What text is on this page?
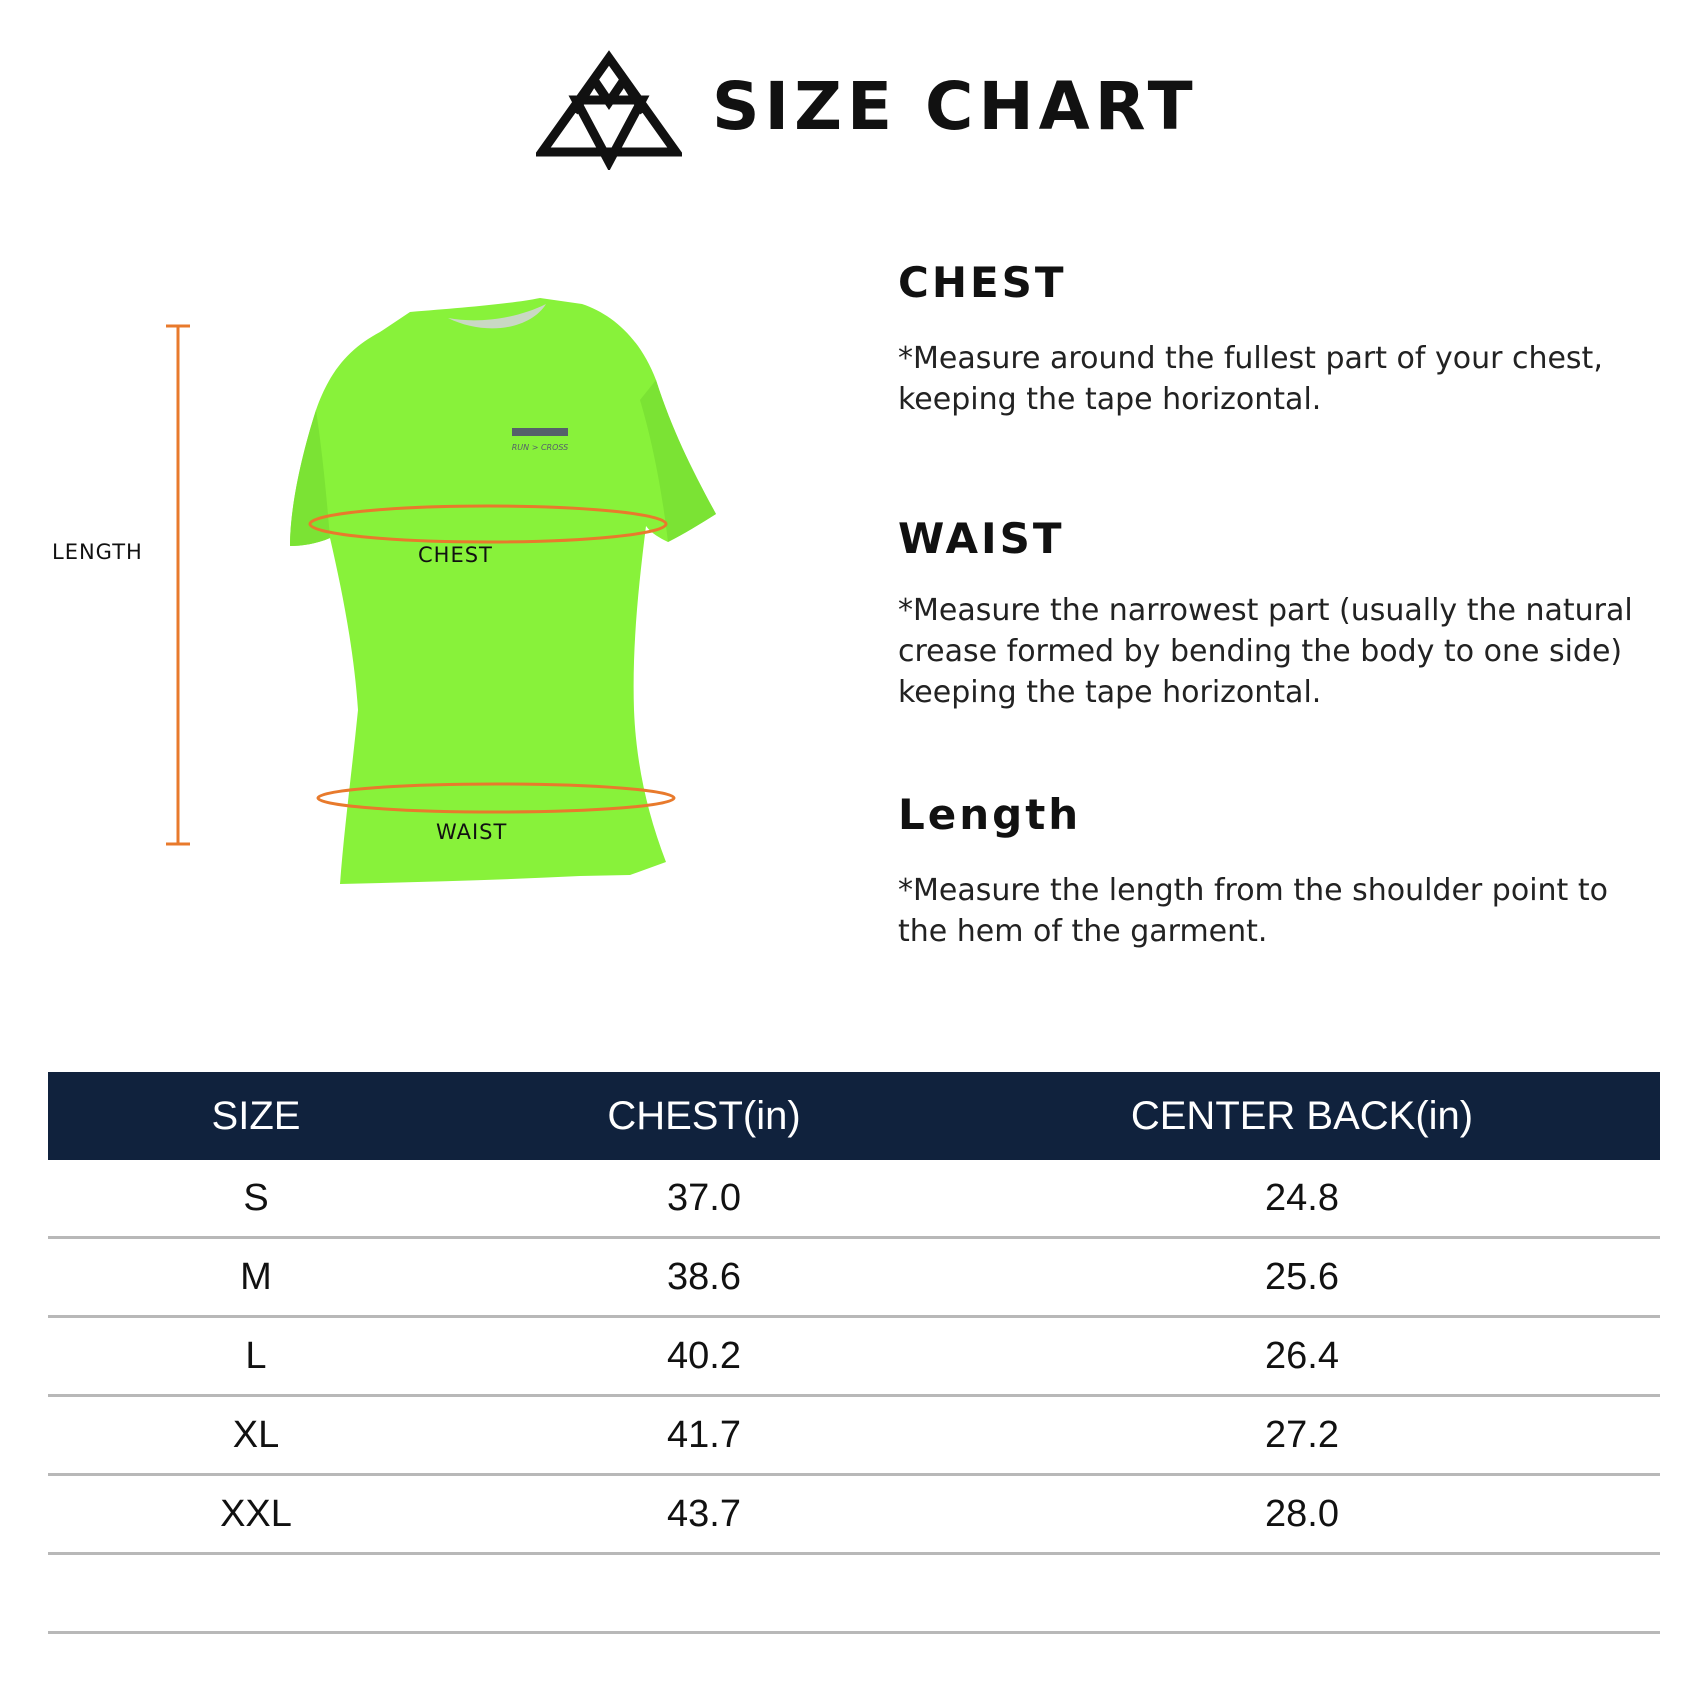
SIZE CHART
RUN > CROSS
LENGTH	CHEST
WAIST
CHEST

*Measure around the fullest part of your chest,
keeping the tape horizontal.

WAIST

*Measure the narrowest part (usually the natural
crease formed by bending the body to one side)
keeping the tape horizontal.

Length

*Measure the length from the shoulder point to
the hem of the garment.

SIZE	CHEST(in)	CENTER BACK(in)
S	37.0	24.8
M	38.6	25.6
L	40.2	26.4
XL	41.7	27.2
XXL	43.7	28.0
